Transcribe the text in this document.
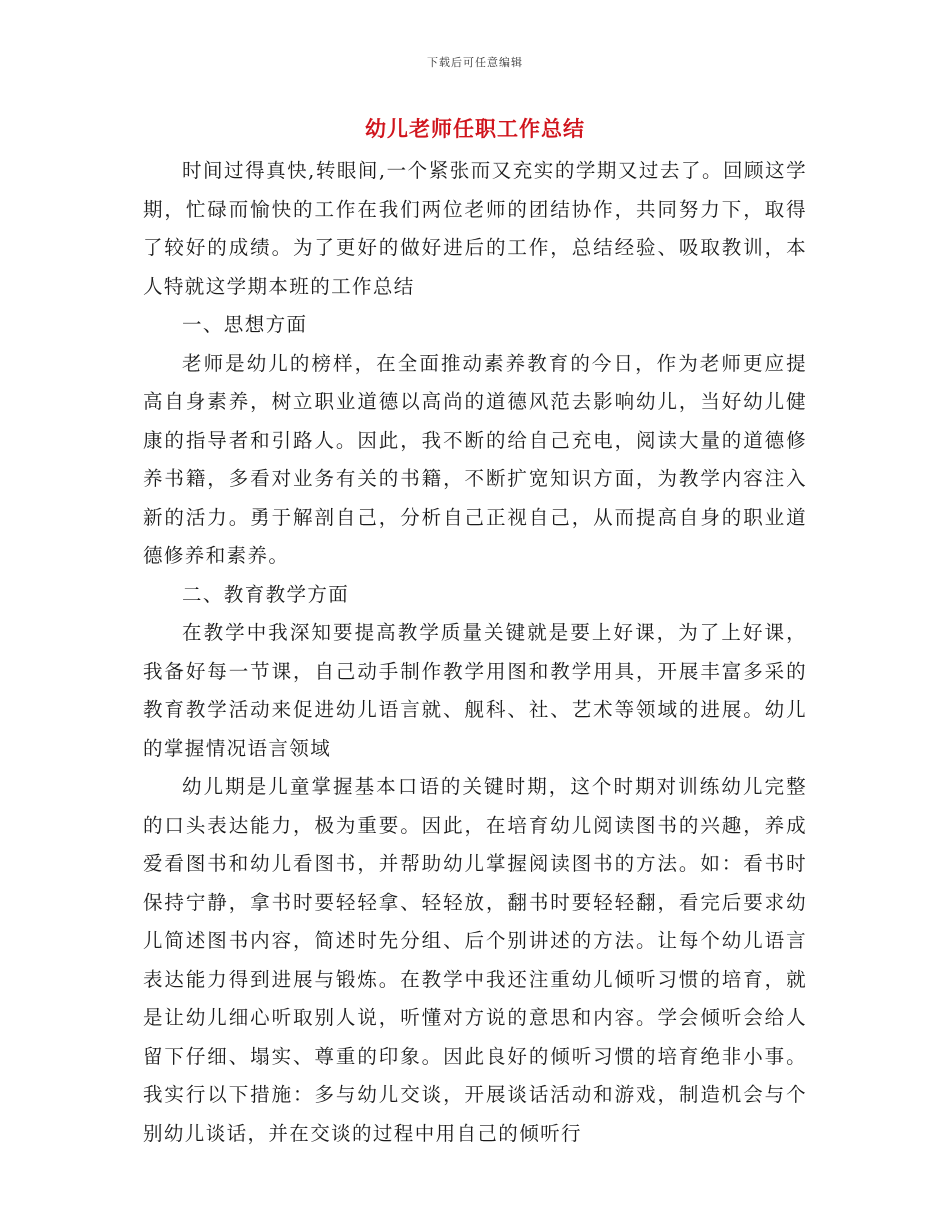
下载后可任意编辑
幼儿老师任职工作总结

时间过得真快,转眼间,一个紧张而又充实的学期又过去了。回顾这学期，忙碌而愉快的工作在我们两位老师的团结协作，共同努力下，取得了较好的成绩。为了更好的做好进后的工作，总结经验、吸取教训，本人特就这学期本班的工作总结

一、思想方面

老师是幼儿的榜样，在全面推动素养教育的今日，作为老师更应提高自身素养，树立职业道德以高尚的道德风范去影响幼儿，当好幼儿健康的指导者和引路人。因此，我不断的给自己充电，阅读大量的道德修养书籍，多看对业务有关的书籍，不断扩宽知识方面，为教学内容注入新的活力。勇于解剖自己，分析自己正视自己，从而提高自身的职业道德修养和素养。

二、教育教学方面

在教学中我深知要提高教学质量关键就是要上好课，为了上好课，我备好每一节课，自己动手制作教学用图和教学用具，开展丰富多采的教育教学活动来促进幼儿语言就、舰科、社、艺术等领域的进展。幼儿的掌握情况语言领域

幼儿期是儿童掌握基本口语的关键时期，这个时期对训练幼儿完整的口头表达能力，极为重要。因此，在培育幼儿阅读图书的兴趣，养成爱看图书和幼儿看图书，并帮助幼儿掌握阅读图书的方法。如：看书时保持宁静，拿书时要轻轻拿、轻轻放，翻书时要轻轻翻，看完后要求幼儿简述图书内容，简述时先分组、后个别讲述的方法。让每个幼儿语言表达能力得到进展与锻炼。在教学中我还注重幼儿倾听习惯的培育，就是让幼儿细心听取别人说，听懂对方说的意思和内容。学会倾听会给人留下仔细、塌实、尊重的印象。因此良好的倾听习惯的培育绝非小事。我实行以下措施：多与幼儿交谈，开展谈话活动和游戏，制造机会与个别幼儿谈话，并在交谈的过程中用自己的倾听行
